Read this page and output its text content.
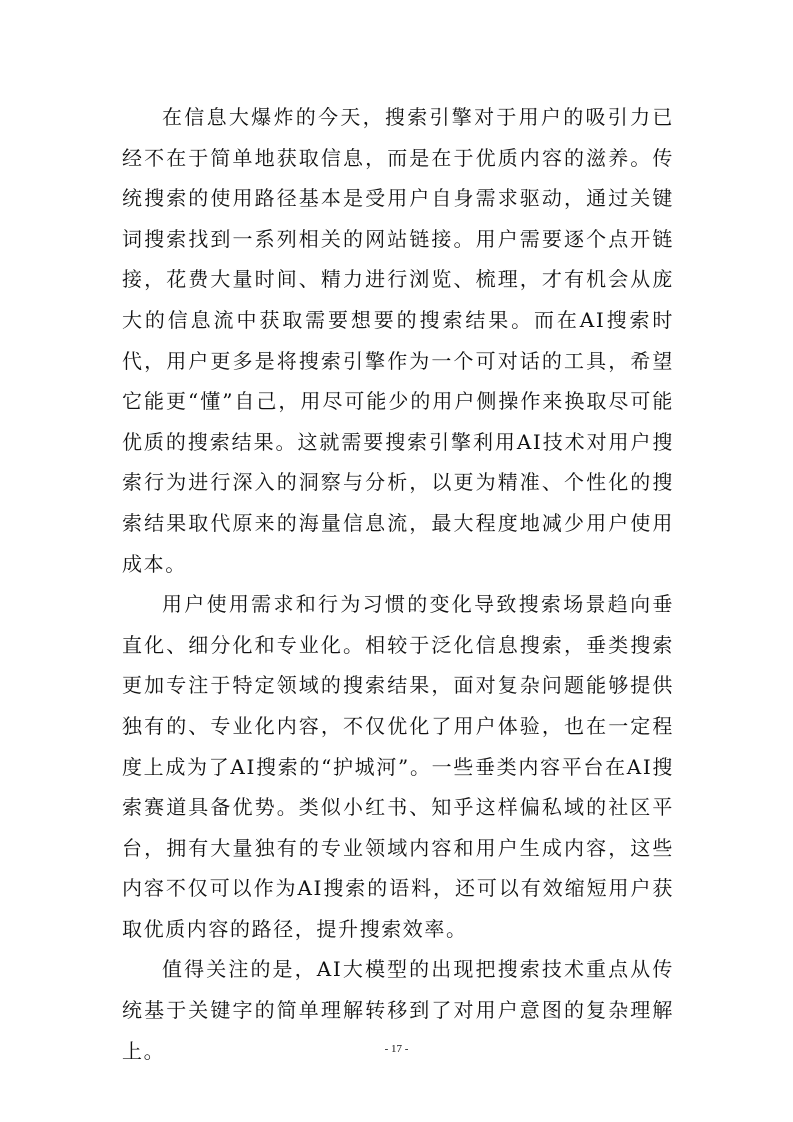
在信息大爆炸的今天，搜索引擎对于用户的吸引力已经不在于简单地获取信息，而是在于优质内容的滋养。传统搜索的使用路径基本是受用户自身需求驱动，通过关键词搜索找到一系列相关的网站链接。用户需要逐个点开链接，花费大量时间、精力进行浏览、梳理，才有机会从庞大的信息流中获取需要想要的搜索结果。而在AI搜索时代，用户更多是将搜索引擎作为一个可对话的工具，希望它能更“懂”自己，用尽可能少的用户侧操作来换取尽可能优质的搜索结果。这就需要搜索引擎利用AI技术对用户搜索行为进行深入的洞察与分析，以更为精准、个性化的搜索结果取代原来的海量信息流，最大程度地减少用户使用成本。

用户使用需求和行为习惯的变化导致搜索场景趋向垂直化、细分化和专业化。相较于泛化信息搜索，垂类搜索更加专注于特定领域的搜索结果，面对复杂问题能够提供独有的、专业化内容，不仅优化了用户体验，也在一定程度上成为了AI搜索的“护城河”。一些垂类内容平台在AI搜索赛道具备优势。类似小红书、知乎这样偏私域的社区平台，拥有大量独有的专业领域内容和用户生成内容，这些内容不仅可以作为AI搜索的语料，还可以有效缩短用户获取优质内容的路径，提升搜索效率。

值得关注的是，AI大模型的出现把搜索技术重点从传统基于关键字的简单理解转移到了对用户意图的复杂理解上。	- 17 -
